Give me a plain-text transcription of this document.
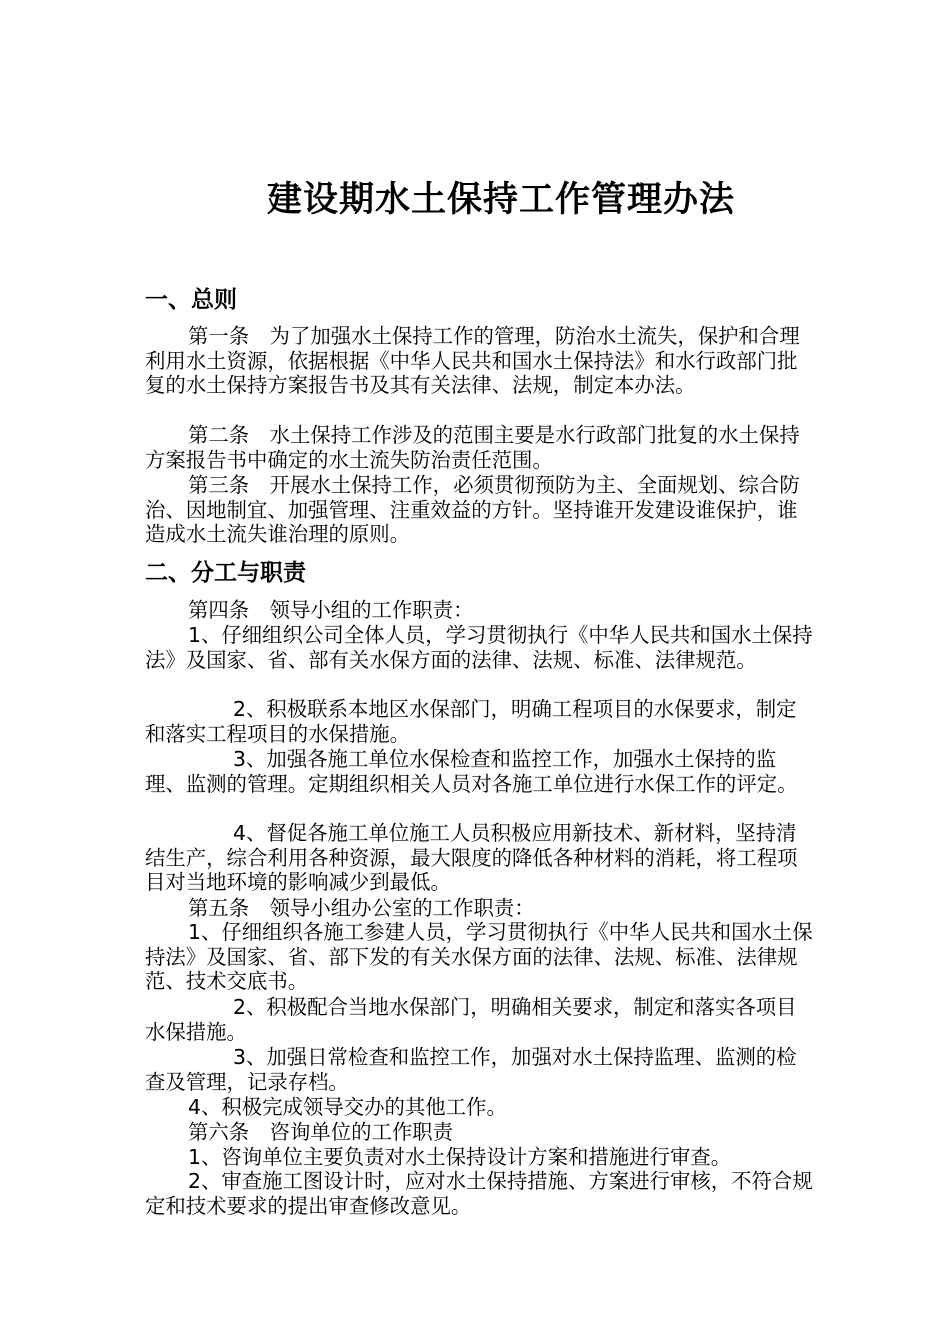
建设期水土保持工作管理办法
一、总则
第一条　为了加强水土保持工作的管理，防治水土流失，保护和合理利用水土资源，依据根据《中华人民共和国水土保持法》和水行政部门批复的水土保持方案报告书及其有关法律、法规，制定本办法。
第二条　水土保持工作涉及的范围主要是水行政部门批复的水土保持方案报告书中确定的水土流失防治责任范围。
第三条　开展水土保持工作，必须贯彻预防为主、全面规划、综合防治、因地制宜、加强管理、注重效益的方针。坚持谁开发建设谁保护，谁造成水土流失谁治理的原则。
二、分工与职责
第四条　领导小组的工作职责：
1、仔细组织公司全体人员，学习贯彻执行《中华人民共和国水土保持法》及国家、省、部有关水保方面的法律、法规、标准、法律规范。
2、积极联系本地区水保部门，明确工程项目的水保要求，制定和落实工程项目的水保措施。
3、加强各施工单位水保检查和监控工作，加强水土保持的监理、监测的管理。定期组织相关人员对各施工单位进行水保工作的评定。
4、督促各施工单位施工人员积极应用新技术、新材料，坚持清结生产，综合利用各种资源，最大限度的降低各种材料的消耗，将工程项目对当地环境的影响减少到最低。
第五条　领导小组办公室的工作职责：
1、仔细组织各施工参建人员，学习贯彻执行《中华人民共和国水土保持法》及国家、省、部下发的有关水保方面的法律、法规、标准、法律规范、技术交底书。
2、积极配合当地水保部门，明确相关要求，制定和落实各项目水保措施。
3、加强日常检查和监控工作，加强对水土保持监理、监测的检查及管理，记录存档。
4、积极完成领导交办的其他工作。
第六条　咨询单位的工作职责
1、咨询单位主要负责对水土保持设计方案和措施进行审查。
2、审查施工图设计时，应对水土保持措施、方案进行审核，不符合规定和技术要求的提出审查修改意见。
